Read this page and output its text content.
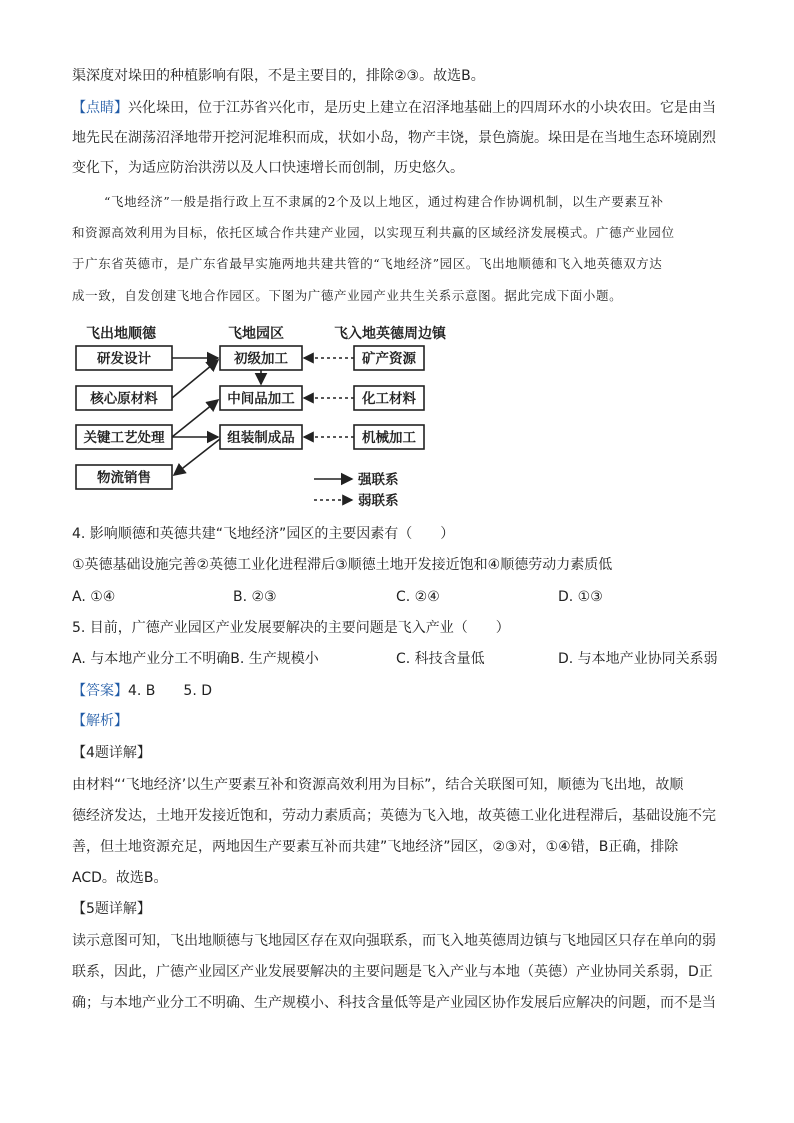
渠深度对垛田的种植影响有限，不是主要目的，排除②③。故选B。
【点睛】兴化垛田，位于江苏省兴化市，是历史上建立在沼泽地基础上的四周环水的小块农田。它是由当
地先民在湖荡沼泽地带开挖河泥堆积而成，状如小岛，物产丰饶，景色旖旎。垛田是在当地生态环境剧烈
变化下，为适应防治洪涝以及人口快速增长而创制，历史悠久。
“飞地经济”一般是指行政上互不隶属的2个及以上地区，通过构建合作协调机制，以生产要素互补
和资源高效利用为目标，依托区域合作共建产业园，以实现互利共赢的区域经济发展模式。广德产业园位
于广东省英德市，是广东省最早实施两地共建共管的“飞地经济”园区。飞出地顺德和飞入地英德双方达
成一致，自发创建飞地合作园区。下图为广德产业园产业共生关系示意图。据此完成下面小题。
飞出地顺德	飞地园区	飞入地英德周边镇
研发设计
核心原材料
关键工艺处理
物流销售
初级加工
中间品加工
组装制成品
矿产资源
化工材料
机械加工
强联系
弱联系
4. 影响顺德和英德共建“飞地经济”园区的主要因素有（　　）
①英德基础设施完善②英德工业化进程滞后③顺德土地开发接近饱和④顺德劳动力素质低
A. ①④	B. ②③	C. ②④	D. ①③
5. 目前，广德产业园区产业发展要解决的主要问题是飞入产业（　　）
A. 与本地产业分工不明确B. 生产规模小	C. 科技含量低	D. 与本地产业协同关系弱
【答案】4. B　　5. D
【解析】
【4题详解】
由材料“‘飞地经济’以生产要素互补和资源高效利用为目标”，结合关联图可知，顺德为飞出地，故顺
德经济发达，土地开发接近饱和，劳动力素质高；英德为飞入地，故英德工业化进程滞后，基础设施不完
善，但土地资源充足，两地因生产要素互补而共建”飞地经济”园区，②③对，①④错，B正确，排除
ACD。故选B。
【5题详解】
读示意图可知，飞出地顺德与飞地园区存在双向强联系，而飞入地英德周边镇与飞地园区只存在单向的弱
联系，因此，广德产业园区产业发展要解决的主要问题是飞入产业与本地（英德）产业协同关系弱，D正
确；与本地产业分工不明确、生产规模小、科技含量低等是产业园区协作发展后应解决的问题，而不是当
